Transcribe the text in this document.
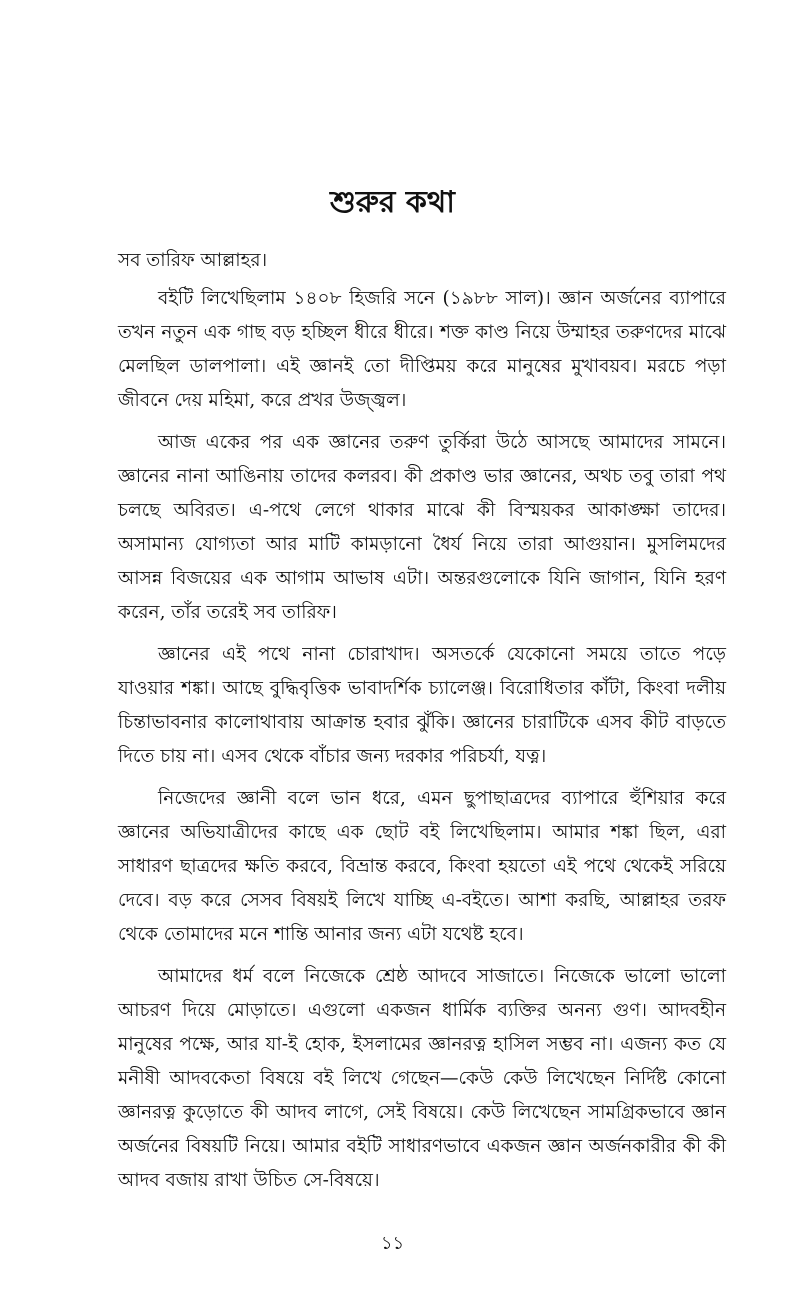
শুরুর কথা

সব তারিফ আল্লাহর।

বইটি লিখেছিলাম ১৪০৮ হিজরি সনে (১৯৮৮ সাল)। জ্ঞান অর্জনের ব্যাপারে তখন নতুন এক গাছ বড় হচ্ছিল ধীরে ধীরে। শক্ত কাণ্ড নিয়ে উম্মাহর তরুণদের মাঝে মেলছিল ডালপালা। এই জ্ঞানই তো দীপ্তিময় করে মানুষের মুখাবয়ব। মরচে পড়া জীবনে দেয় মহিমা, করে প্রখর উজ্জ্বল।

আজ একের পর এক জ্ঞানের তরুণ তুর্কিরা উঠে আসছে আমাদের সামনে। জ্ঞানের নানা আঙিনায় তাদের কলরব। কী প্রকাণ্ড ভার জ্ঞানের, অথচ তবু তারা পথ চলছে অবিরত। এ-পথে লেগে থাকার মাঝে কী বিস্ময়কর আকাঙ্ক্ষা তাদের। অসামান্য যোগ্যতা আর মাটি কামড়ানো ধৈর্য নিয়ে তারা আগুয়ান। মুসলিমদের আসন্ন বিজয়ের এক আগাম আভাষ এটা। অন্তরগুলোকে যিনি জাগান, যিনি হরণ করেন, তাঁর তরেই সব তারিফ।

জ্ঞানের এই পথে নানা চোরাখাদ। অসতর্কে যেকোনো সময়ে তাতে পড়ে যাওয়ার শঙ্কা। আছে বুদ্ধিবৃত্তিক ভাবাদর্শিক চ্যালেঞ্জ। বিরোধিতার কাঁটা, কিংবা দলীয় চিন্তাভাবনার কালোথাবায় আক্রান্ত হবার ঝুঁকি। জ্ঞানের চারাটিকে এসব কীট বাড়তে দিতে চায় না। এসব থেকে বাঁচার জন্য দরকার পরিচর্যা, যত্ন।

নিজেদের জ্ঞানী বলে ভান ধরে, এমন ছুপাছাত্রদের ব্যাপারে হুঁশিয়ার করে জ্ঞানের অভিযাত্রীদের কাছে এক ছোট বই লিখেছিলাম। আমার শঙ্কা ছিল, এরা সাধারণ ছাত্রদের ক্ষতি করবে, বিভ্রান্ত করবে, কিংবা হয়তো এই পথে থেকেই সরিয়ে দেবে। বড় করে সেসব বিষয়ই লিখে যাচ্ছি এ-বইতে। আশা করছি, আল্লাহর তরফ থেকে তোমাদের মনে শান্তি আনার জন্য এটা যথেষ্ট হবে।

আমাদের ধর্ম বলে নিজেকে শ্রেষ্ঠ আদবে সাজাতে। নিজেকে ভালো ভালো আচরণ দিয়ে মোড়াতে। এগুলো একজন ধার্মিক ব্যক্তির অনন্য গুণ। আদবহীন মানুষের পক্ষে, আর যা-ই হোক, ইসলামের জ্ঞানরত্ন হাসিল সম্ভব না। এজন্য কত যে মনীষী আদবকেতা বিষয়ে বই লিখে গেছেন—কেউ কেউ লিখেছেন নির্দিষ্ট কোনো জ্ঞানরত্ন কুড়োতে কী আদব লাগে, সেই বিষয়ে। কেউ লিখেছেন সামগ্রিকভাবে জ্ঞান অর্জনের বিষয়টি নিয়ে। আমার বইটি সাধারণভাবে একজন জ্ঞান অর্জনকারীর কী কী আদব বজায় রাখা উচিত সে-বিষয়ে।

১১
